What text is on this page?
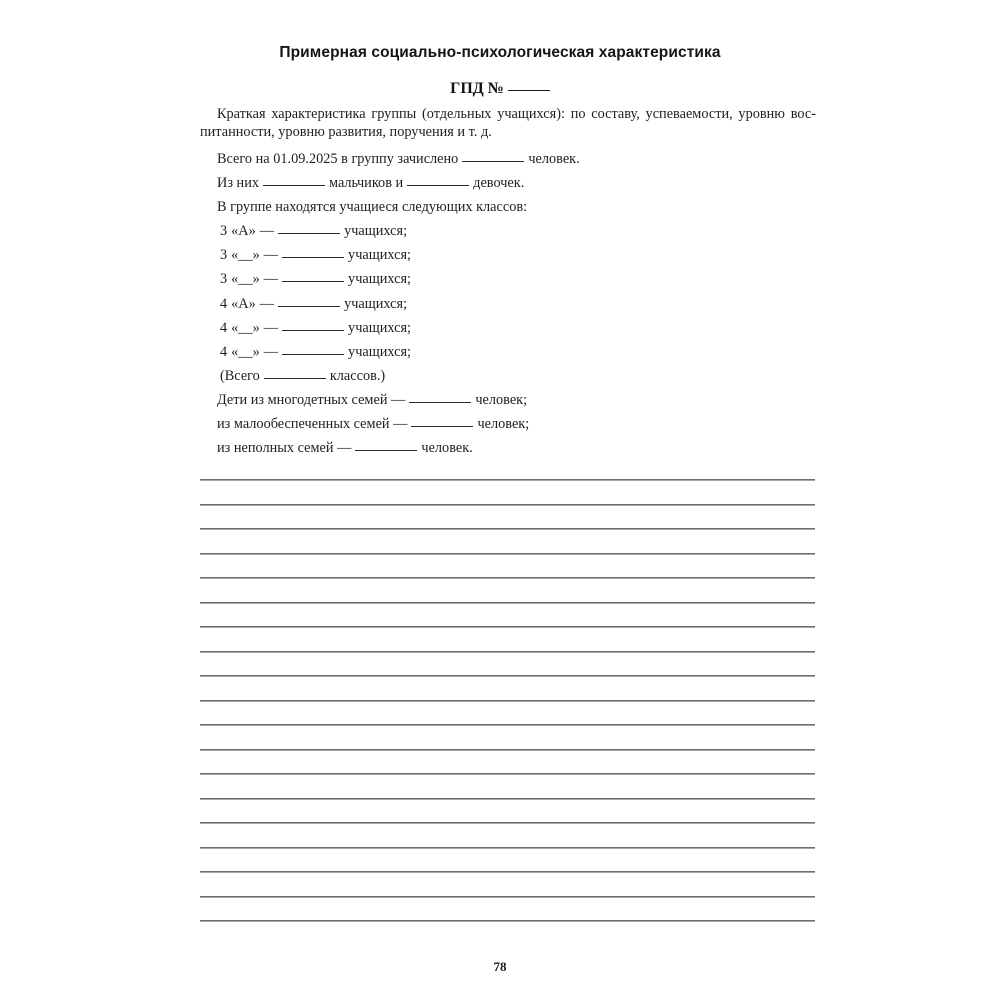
Примерная социально-психологическая характеристика
ГПД №

Краткая характеристика группы (отдельных учащихся): по составу, успеваемости, уровню воспитанности, уровню развития, поручения и т. д.

Всего на 01.09.2025 в группу зачислено	человек.

Из них	мальчиков и	девочек.

В группе находятся учащиеся следующих классов:

3 «А» —	учащихся;

3 «__» —	учащихся;

3 «__» —	учащихся;

4 «А» —	учащихся;

4 «__» —	учащихся;

4 «__» —	учащихся;

(Всего	классов.)

Дети из многодетных семей —	человек;

из малообеспеченных семей —	человек;

из неполных семей —	человек.

78
